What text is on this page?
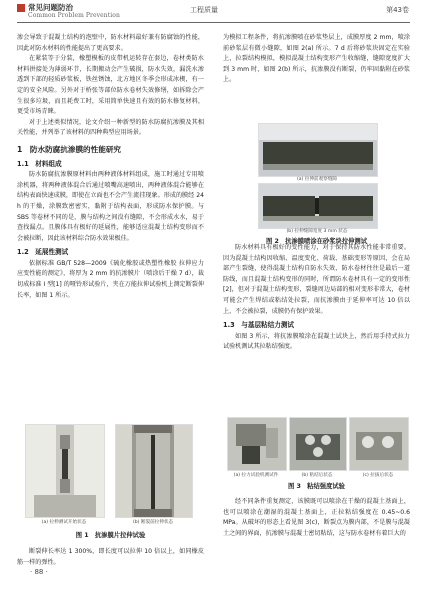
常见问题防治
Common Problem Prevention
工程质量	第43卷

渗会导致于混凝土结构的泡壁中，防水材料最好兼有防腐蚀的性能，因此对防水材料的性能提出了更高要求。

在紧装等于分装，橡塑模板的皮带机运转存在套边，卷材类防水材料拼接处为薄弱环节，长期搬动会产生破损，防水失效，漏洗水渗透到下部的轻质砂浆板，铁丝锈蚀，北方地区冬季会形成冰楔，有一定的安全风险。另外对于桥张等部位防水卷材失效修缮，如拆除会产生很多垃圾，而且耗费工时，采用简单快速且有效的防水修复材料，更受市场青睐。

对于上述类似情况，论文介绍一种新型的防水防腐抗渗膜及其相关性能，并列举了该材料的四种典型应用场景。

1　防水防腐抗渗膜的性能研究
1.1　材料组成

防水防腐抗渗膜原材料由两种液体材料组成，施工时通过专用喷涂机器，将两种液体混合后通过喷嘴高速喷出，两种液体混合能够在结构表面快速成膜，即使在立面也不会产生流挂现象。形成的膜经 24 h 的干燥，涂膜致密密实，黏附于结构表面，形成防水保护膜。与 SBS 等卷材不同的是，膜与结构之间没有缝隙，不会形成水水，易于查找漏点。且膜体具有极好的延展性，能够适应混凝土结构变形而不会被拉断，因此该材料综合防水效果极佳。

1.2　延展性测试

依据标准 GB/T 528—2009《硫化橡胶或热塑性橡胶 拉伸应力应变性能的测定》，将厚为 2 mm 的抗渗膜片（喷涂后干燥 7 d），裁切成标准 I 型[1] 的哑铃形试验片，夹在万能拉伸试验机上测定断裂伸长率，如图 1 所示。

(a) 拉伸测试开始状态	(b) 断裂前拉伸状态
图 1　抗渗膜片拉伸试验

断裂伸长率达 1 300%，即长度可以拉伸 10 倍以上，如同橡皮筋一样的弹性。

为模拟工程条件，将抗渗膜喷在砂浆垫层上，成膜厚度 2 mm，喷涂前砂浆层有微小缝隙，如图 2(a) 所示。7 d 后将砂浆块固定在实验上，拉裂结构模拟，模拟混凝土结构变形产生收缩缝，缝隙宽度扩大到 3 mm 时，如图 2(b) 所示，抗渗膜没有断裂，仍牢固黏附在砂浆上。

(a) 拉伸前观察缝隙
(b) 拉伸缝隙宽度 3 mm 状态
图 2　抗渗膜喷涂在砂浆块拉伸测试

防水材料具有极好的变性能力，对于保持其防水性能非常重要。因为混凝土结构因收缩、温度变化、荷载、基础变形等原因，会在局部产生裂缝，使得混凝土结构自防水失效，防水卷材往往是最后一道防线，而且混凝土结构变形的同时，所谓防水卷材具有一定的变形性[2]，但对于混凝土结构变形，裂缝周边局部的相对变形非常大，卷材可能会产生焊结或粘结处拉裂，而抗渗膜由于延伸率可达 10 倍以上，不会被拉裂，成膜仍有保护效果。

1.3　与基层粘结力测试

如图 3 所示，将抗渗膜喷涂在混凝土试块上，然后用手持式拉力试验机测试其拉粘结强度。

(a) 拉力试验机测试件	(b) 粘结后状态	(c) 拉拔后状态
图 3　粘结强度试验

经不同条件重复测定，该膜既可以喷涂在干燥的混凝土基面上，也可以喷涂在潮湿的混凝土基面上，正拉粘结强度在 0.45~0.6 MPa。从破坏的形态上看见图 3(c)，断裂点为膜内部，不是膜与混凝土之间的界面，抗渗膜与混凝土密切粘结，这与防水卷材有着巨大的

· 88 ·
